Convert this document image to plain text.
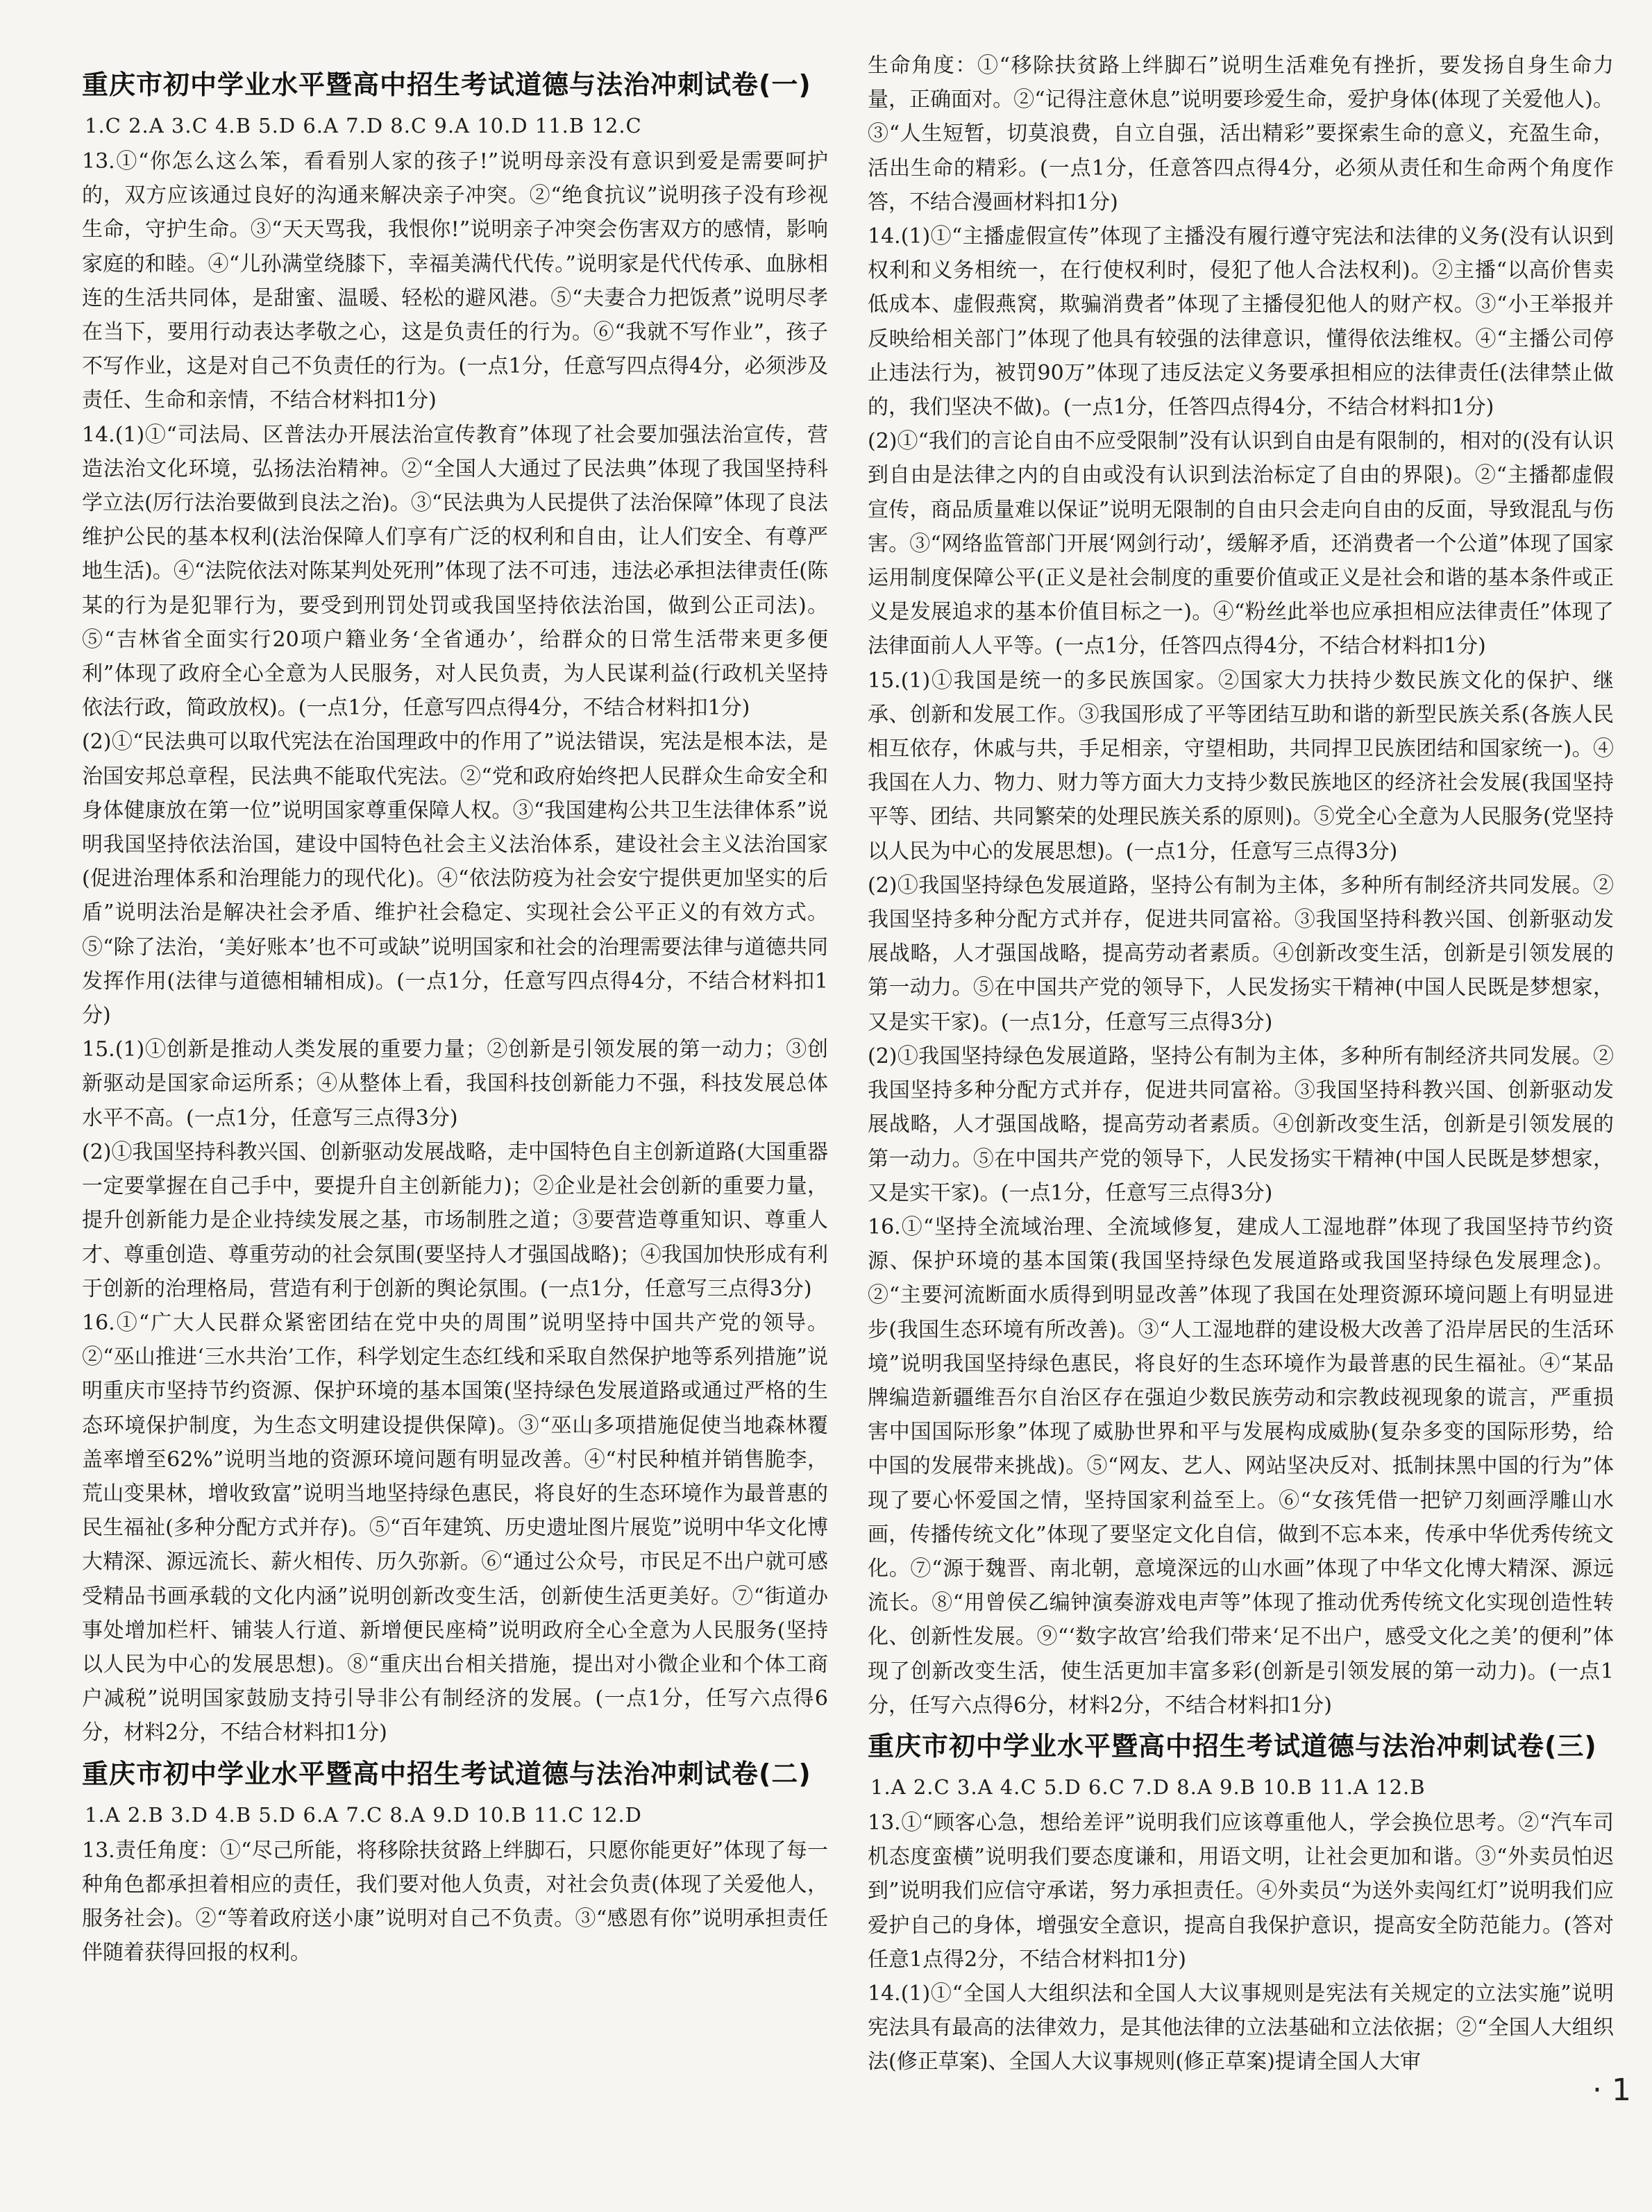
重庆市初中学业水平暨高中招生考试道德与法治冲刺试卷(一)
1.C 2.A 3.C 4.B 5.D 6.A 7.D 8.C 9.A 10.D 11.B 12.C

13.①“你怎么这么笨，看看别人家的孩子!”说明母亲没有意识到爱是需要呵护的，双方应该通过良好的沟通来解决亲子冲突。②“绝食抗议”说明孩子没有珍视生命，守护生命。③“天天骂我，我恨你!”说明亲子冲突会伤害双方的感情，影响家庭的和睦。④“儿孙满堂绕膝下，幸福美满代代传。”说明家是代代传承、血脉相连的生活共同体，是甜蜜、温暖、轻松的避风港。⑤“夫妻合力把饭煮”说明尽孝在当下，要用行动表达孝敬之心，这是负责任的行为。⑥“我就不写作业”，孩子不写作业，这是对自己不负责任的行为。(一点1分，任意写四点得4分，必须涉及责任、生命和亲情，不结合材料扣1分)

14.(1)①“司法局、区普法办开展法治宣传教育”体现了社会要加强法治宣传，营造法治文化环境，弘扬法治精神。②“全国人大通过了民法典”体现了我国坚持科学立法(厉行法治要做到良法之治)。③“民法典为人民提供了法治保障”体现了良法维护公民的基本权利(法治保障人们享有广泛的权利和自由，让人们安全、有尊严地生活)。④“法院依法对陈某判处死刑”体现了法不可违，违法必承担法律责任(陈某的行为是犯罪行为，要受到刑罚处罚或我国坚持依法治国，做到公正司法)。⑤“吉林省全面实行20项户籍业务‘全省通办’，给群众的日常生活带来更多便利”体现了政府全心全意为人民服务，对人民负责，为人民谋利益(行政机关坚持依法行政，简政放权)。(一点1分，任意写四点得4分，不结合材料扣1分)

(2)①“民法典可以取代宪法在治国理政中的作用了”说法错误，宪法是根本法，是治国安邦总章程，民法典不能取代宪法。②“党和政府始终把人民群众生命安全和身体健康放在第一位”说明国家尊重保障人权。③“我国建构公共卫生法律体系”说明我国坚持依法治国，建设中国特色社会主义法治体系，建设社会主义法治国家(促进治理体系和治理能力的现代化)。④“依法防疫为社会安宁提供更加坚实的后盾”说明法治是解决社会矛盾、维护社会稳定、实现社会公平正义的有效方式。⑤“除了法治，‘美好账本’也不可或缺”说明国家和社会的治理需要法律与道德共同发挥作用(法律与道德相辅相成)。(一点1分，任意写四点得4分，不结合材料扣1分)

15.(1)①创新是推动人类发展的重要力量；②创新是引领发展的第一动力；③创新驱动是国家命运所系；④从整体上看，我国科技创新能力不强，科技发展总体水平不高。(一点1分，任意写三点得3分)

(2)①我国坚持科教兴国、创新驱动发展战略，走中国特色自主创新道路(大国重器一定要掌握在自己手中，要提升自主创新能力)；②企业是社会创新的重要力量，提升创新能力是企业持续发展之基，市场制胜之道；③要营造尊重知识、尊重人才、尊重创造、尊重劳动的社会氛围(要坚持人才强国战略)；④我国加快形成有利于创新的治理格局，营造有利于创新的舆论氛围。(一点1分，任意写三点得3分)

16.①“广大人民群众紧密团结在党中央的周围”说明坚持中国共产党的领导。②“巫山推进‘三水共治’工作，科学划定生态红线和采取自然保护地等系列措施”说明重庆市坚持节约资源、保护环境的基本国策(坚持绿色发展道路或通过严格的生态环境保护制度，为生态文明建设提供保障)。③“巫山多项措施促使当地森林覆盖率增至62%”说明当地的资源环境问题有明显改善。④“村民种植并销售脆李，荒山变果林，增收致富”说明当地坚持绿色惠民，将良好的生态环境作为最普惠的民生福祉(多种分配方式并存)。⑤“百年建筑、历史遗址图片展览”说明中华文化博大精深、源远流长、薪火相传、历久弥新。⑥“通过公众号，市民足不出户就可感受精品书画承载的文化内涵”说明创新改变生活，创新使生活更美好。⑦“街道办事处增加栏杆、铺装人行道、新增便民座椅”说明政府全心全意为人民服务(坚持以人民为中心的发展思想)。⑧“重庆出台相关措施，提出对小微企业和个体工商户减税”说明国家鼓励支持引导非公有制经济的发展。(一点1分，任写六点得6分，材料2分，不结合材料扣1分)

重庆市初中学业水平暨高中招生考试道德与法治冲刺试卷(二)
1.A 2.B 3.D 4.B 5.D 6.A 7.C 8.A 9.D 10.B 11.C 12.D

13.责任角度：①“尽己所能，将移除扶贫路上绊脚石，只愿你能更好”体现了每一种角色都承担着相应的责任，我们要对他人负责，对社会负责(体现了关爱他人，服务社会)。②“等着政府送小康”说明对自己不负责。③“感恩有你”说明承担责任伴随着获得回报的权利。

生命角度：①“移除扶贫路上绊脚石”说明生活难免有挫折，要发扬自身生命力量，正确面对。②“记得注意休息”说明要珍爱生命，爱护身体(体现了关爱他人)。③“人生短暂，切莫浪费，自立自强，活出精彩”要探索生命的意义，充盈生命，活出生命的精彩。(一点1分，任意答四点得4分，必须从责任和生命两个角度作答，不结合漫画材料扣1分)

14.(1)①“主播虚假宣传”体现了主播没有履行遵守宪法和法律的义务(没有认识到权利和义务相统一，在行使权利时，侵犯了他人合法权利)。②主播“以高价售卖低成本、虚假燕窝，欺骗消费者”体现了主播侵犯他人的财产权。③“小王举报并反映给相关部门”体现了他具有较强的法律意识，懂得依法维权。④“主播公司停止违法行为，被罚90万”体现了违反法定义务要承担相应的法律责任(法律禁止做的，我们坚决不做)。(一点1分，任答四点得4分，不结合材料扣1分)

(2)①“我们的言论自由不应受限制”没有认识到自由是有限制的，相对的(没有认识到自由是法律之内的自由或没有认识到法治标定了自由的界限)。②“主播都虚假宣传，商品质量难以保证”说明无限制的自由只会走向自由的反面，导致混乱与伤害。③“网络监管部门开展‘网剑行动’，缓解矛盾，还消费者一个公道”体现了国家运用制度保障公平(正义是社会制度的重要价值或正义是社会和谐的基本条件或正义是发展追求的基本价值目标之一)。④“粉丝此举也应承担相应法律责任”体现了法律面前人人平等。(一点1分，任答四点得4分，不结合材料扣1分)

15.(1)①我国是统一的多民族国家。②国家大力扶持少数民族文化的保护、继承、创新和发展工作。③我国形成了平等团结互助和谐的新型民族关系(各族人民相互依存，休戚与共，手足相亲，守望相助，共同捍卫民族团结和国家统一)。④我国在人力、物力、财力等方面大力支持少数民族地区的经济社会发展(我国坚持平等、团结、共同繁荣的处理民族关系的原则)。⑤党全心全意为人民服务(党坚持以人民为中心的发展思想)。(一点1分，任意写三点得3分)

(2)①我国坚持绿色发展道路，坚持公有制为主体，多种所有制经济共同发展。②我国坚持多种分配方式并存，促进共同富裕。③我国坚持科教兴国、创新驱动发展战略，人才强国战略，提高劳动者素质。④创新改变生活，创新是引领发展的第一动力。⑤在中国共产党的领导下，人民发扬实干精神(中国人民既是梦想家，又是实干家)。(一点1分，任意写三点得3分)

(2)①我国坚持绿色发展道路，坚持公有制为主体，多种所有制经济共同发展。②我国坚持多种分配方式并存，促进共同富裕。③我国坚持科教兴国、创新驱动发展战略，人才强国战略，提高劳动者素质。④创新改变生活，创新是引领发展的第一动力。⑤在中国共产党的领导下，人民发扬实干精神(中国人民既是梦想家，又是实干家)。(一点1分，任意写三点得3分)

16.①“坚持全流域治理、全流域修复，建成人工湿地群”体现了我国坚持节约资源、保护环境的基本国策(我国坚持绿色发展道路或我国坚持绿色发展理念)。②“主要河流断面水质得到明显改善”体现了我国在处理资源环境问题上有明显进步(我国生态环境有所改善)。③“人工湿地群的建设极大改善了沿岸居民的生活环境”说明我国坚持绿色惠民，将良好的生态环境作为最普惠的民生福祉。④“某品牌编造新疆维吾尔自治区存在强迫少数民族劳动和宗教歧视现象的谎言，严重损害中国国际形象”体现了威胁世界和平与发展构成威胁(复杂多变的国际形势，给中国的发展带来挑战)。⑤“网友、艺人、网站坚决反对、抵制抹黑中国的行为”体现了要心怀爱国之情，坚持国家利益至上。⑥“女孩凭借一把铲刀刻画浮雕山水画，传播传统文化”体现了要坚定文化自信，做到不忘本来，传承中华优秀传统文化。⑦“源于魏晋、南北朝，意境深远的山水画”体现了中华文化博大精深、源远流长。⑧“用曾侯乙编钟演奏游戏电声等”体现了推动优秀传统文化实现创造性转化、创新性发展。⑨“‘数字故宫’给我们带来‘足不出户，感受文化之美’的便利”体现了创新改变生活，使生活更加丰富多彩(创新是引领发展的第一动力)。(一点1分，任写六点得6分，材料2分，不结合材料扣1分)

重庆市初中学业水平暨高中招生考试道德与法治冲刺试卷(三)
1.A 2.C 3.A 4.C 5.D 6.C 7.D 8.A 9.B 10.B 11.A 12.B

13.①“顾客心急，想给差评”说明我们应该尊重他人，学会换位思考。②“汽车司机态度蛮横”说明我们要态度谦和，用语文明，让社会更加和谐。③“外卖员怕迟到”说明我们应信守承诺，努力承担责任。④外卖员“为送外卖闯红灯”说明我们应爱护自己的身体，增强安全意识，提高自我保护意识，提高安全防范能力。(答对任意1点得2分，不结合材料扣1分)

14.(1)①“全国人大组织法和全国人大议事规则是宪法有关规定的立法实施”说明宪法具有最高的法律效力，是其他法律的立法基础和立法依据；②“全国人大组织法(修正草案)、全国人大议事规则(修正草案)提请全国人大审

· 1
